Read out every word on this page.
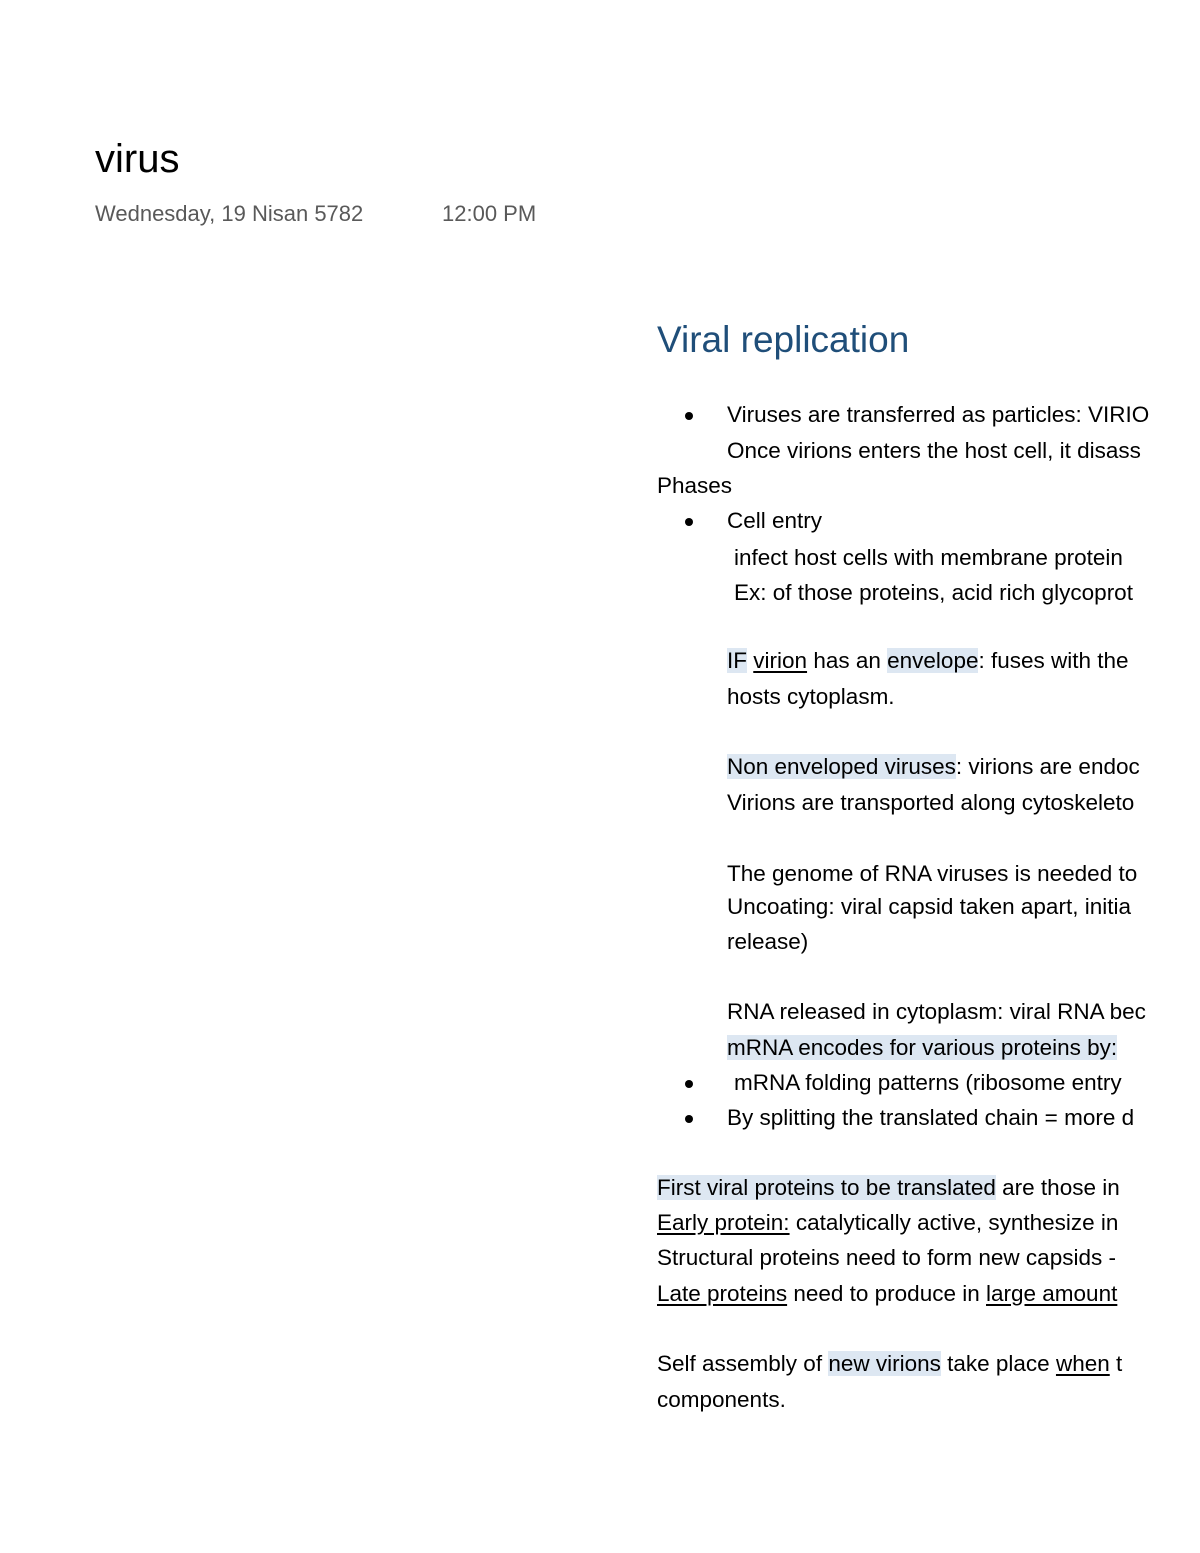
virus
Wednesday, 19 Nisan 5782	12:00 PM
Viral replication
Viruses are transferred as particles: VIRIO
Once virions enters the host cell, it disass
Phases
Cell entry
infect host cells with membrane protein
Ex: of those proteins, acid rich glycoprot
IF virion has an envelope: fuses with the
hosts cytoplasm.
Non enveloped viruses: virions are endoc
Virions are transported along cytoskeleto
The genome of RNA viruses is needed to
Uncoating: viral capsid taken apart, initia
release)
RNA released in cytoplasm: viral RNA bec
mRNA encodes for various proteins by:
mRNA folding patterns (ribosome entry
By splitting the translated chain = more d
First viral proteins to be translated are those in
Early protein: catalytically active, synthesize in
Structural proteins need to form new capsids -
Late proteins need to produce in large amount
Self assembly of new virions take place when t
components.
